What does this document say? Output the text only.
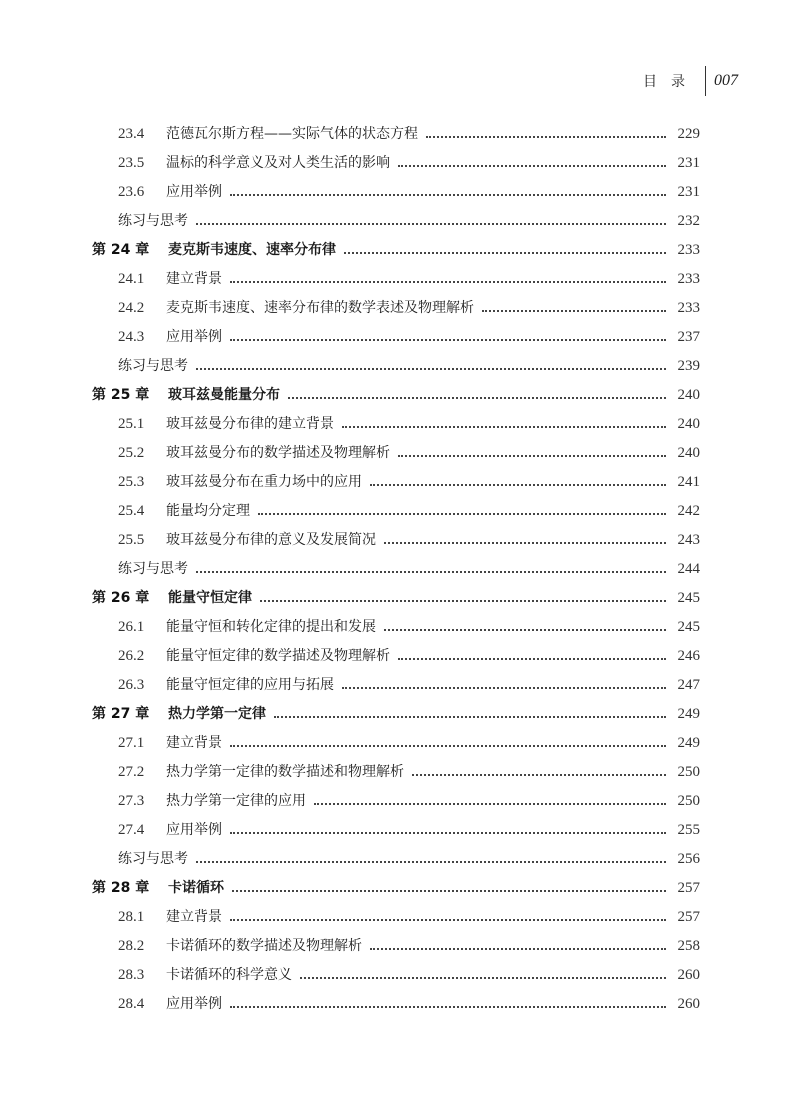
目录 007
23.4	范德瓦尔斯方程——实际气体的状态方程	229
23.5	温标的科学意义及对人类生活的影响	231
23.6	应用举例	231
练习与思考	232
第 24 章	麦克斯韦速度、速率分布律	233
24.1	建立背景	233
24.2	麦克斯韦速度、速率分布律的数学表述及物理解析	233
24.3	应用举例	237
练习与思考	239
第 25 章	玻耳兹曼能量分布	240
25.1	玻耳兹曼分布律的建立背景	240
25.2	玻耳兹曼分布的数学描述及物理解析	240
25.3	玻耳兹曼分布在重力场中的应用	241
25.4	能量均分定理	242
25.5	玻耳兹曼分布律的意义及发展简况	243
练习与思考	244
第 26 章	能量守恒定律	245
26.1	能量守恒和转化定律的提出和发展	245
26.2	能量守恒定律的数学描述及物理解析	246
26.3	能量守恒定律的应用与拓展	247
第 27 章	热力学第一定律	249
27.1	建立背景	249
27.2	热力学第一定律的数学描述和物理解析	250
27.3	热力学第一定律的应用	250
27.4	应用举例	255
练习与思考	256
第 28 章	卡诺循环	257
28.1	建立背景	257
28.2	卡诺循环的数学描述及物理解析	258
28.3	卡诺循环的科学意义	260
28.4	应用举例	260
